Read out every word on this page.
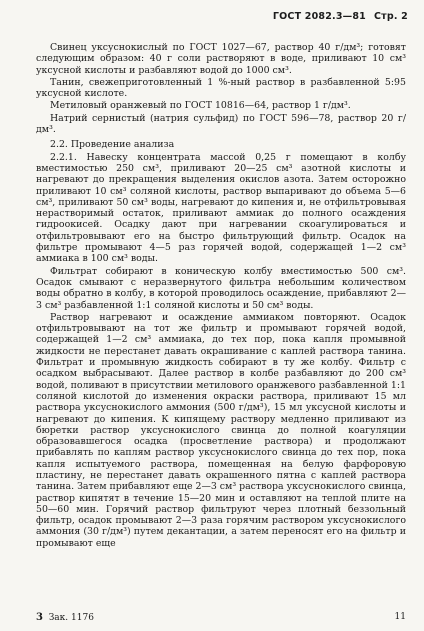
ГОСТ 2082.3—81 Стр. 2

Свинец уксуснокислый по ГОСТ 1027—67, раствор 40 г/дм³; готовят следующим образом: 40 г соли растворяют в воде, приливают 10 см³ уксусной кислоты и разбавляют водой до 1000 см³.

Танин, свежеприготовленный 1 %-ный раствор в разбавленной 5:95 уксусной кислоте.

Метиловый оранжевый по ГОСТ 10816—64, раствор 1 г/дм³.

Натрий сернистый (натрия сульфид) по ГОСТ 596—78, раствор 20 г/дм³.

2.2. Проведение анализа

2.2.1. Навеску концентрата массой 0,25 г помещают в колбу вместимостью 250 см³, приливают 20—25 см³ азотной кислоты и нагревают до прекращения выделения окислов азота. Затем осторожно приливают 10 см³ соляной кислоты, раствор выпаривают до объема 5—6 см³, приливают 50 см³ воды, нагревают до кипения и, не отфильтровывая нерастворимый остаток, приливают аммиак до полного осаждения гидроокисей. Осадку дают при нагревании скоагулироваться и отфильтровывают его на быстро фильтрующий фильтр. Осадок на фильтре промывают 4—5 раз горячей водой, содержащей 1—2 см³ аммиака в 100 см³ воды.

Фильтрат собирают в коническую колбу вместимостью 500 см³. Осадок смывают с неразвернутого фильтра небольшим количеством воды обратно в колбу, в которой проводилось осаждение, прибавляют 2—3 см³ разбавленной 1:1 соляной кислоты и 50 см³ воды.

Раствор нагревают и осаждение аммиаком повторяют. Осадок отфильтровывают на тот же фильтр и промывают горячей водой, содержащей 1—2 см³ аммиака, до тех пор, пока капля промывной жидкости не перестанет давать окрашивание с каплей раствора танина. Фильтрат и промывную жидкость собирают в ту же колбу. Фильтр с осадком выбрасывают. Далее раствор в колбе разбавляют до 200 см³ водой, поливают в присутствии метилового оранжевого разбавленной 1:1 соляной кислотой до изменения окраски раствора, приливают 15 мл раствора уксуснокислого аммония (500 г/дм³), 15 мл уксусной кислоты и нагревают до кипения. К кипящему раствору медленно приливают из бюретки раствор уксуснокислого свинца до полной коагуляции образовавшегося осадка (просветление раствора) и продолжают прибавлять по каплям раствор уксуснокислого свинца до тех пор, пока капля испытуемого раствора, помещенная на белую фарфоровую пластину, не перестанет давать окрашенного пятна с каплей раствора танина. Затем прибавляют еще 2—3 см³ раствора уксуснокислого свинца, раствор кипятят в течение 15—20 мин и оставляют на теплой плите на 50—60 мин. Горячий раствор фильтруют через плотный беззольный фильтр, осадок промывают 2—3 раза горячим раствором уксуснокислого аммония (30 г/дм³) путем декантации, а затем переносят его на фильтр и промывают еще

3 Зак. 1176	11
